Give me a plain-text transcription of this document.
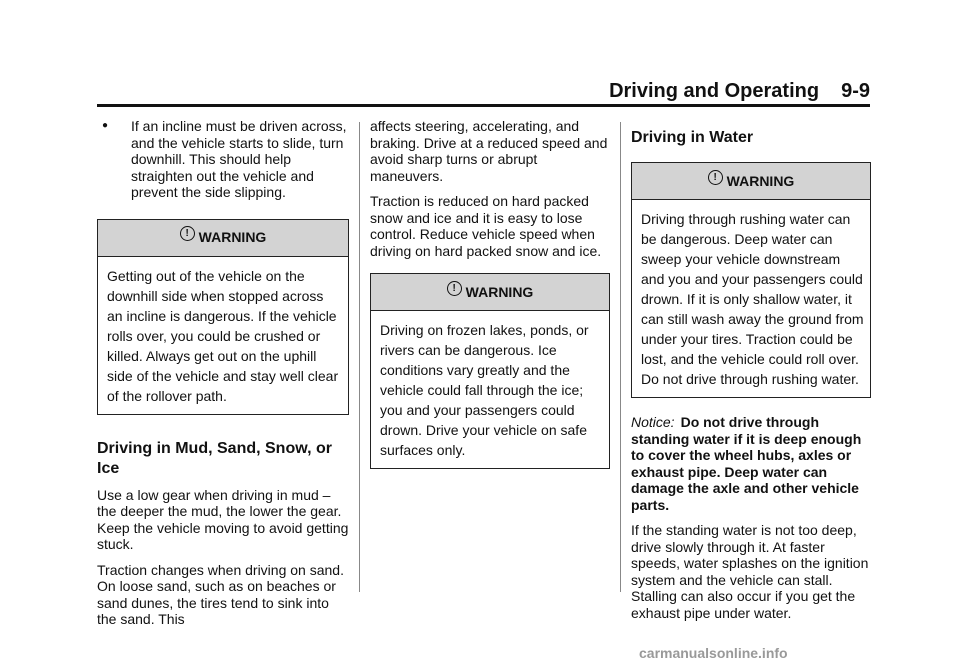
Driving and Operating 9-9
● If an incline must be driven across, and the vehicle starts to slide, turn downhill. This should help straighten out the vehicle and prevent the side slipping.
! WARNING
Getting out of the vehicle on the downhill side when stopped across an incline is dangerous. If the vehicle rolls over, you could be crushed or killed. Always get out on the uphill side of the vehicle and stay well clear of the rollover path.
Driving in Mud, Sand, Snow, or Ice

Use a low gear when driving in mud – the deeper the mud, the lower the gear. Keep the vehicle moving to avoid getting stuck.

Traction changes when driving on sand. On loose sand, such as on beaches or sand dunes, the tires tend to sink into the sand. This

affects steering, accelerating, and braking. Drive at a reduced speed and avoid sharp turns or abrupt maneuvers.

Traction is reduced on hard packed snow and ice and it is easy to lose control. Reduce vehicle speed when driving on hard packed snow and ice.

! WARNING
Driving on frozen lakes, ponds, or rivers can be dangerous. Ice conditions vary greatly and the vehicle could fall through the ice; you and your passengers could drown. Drive your vehicle on safe surfaces only.
Driving in Water
! WARNING
Driving through rushing water can be dangerous. Deep water can sweep your vehicle downstream and you and your passengers could drown. If it is only shallow water, it can still wash away the ground from under your tires. Traction could be lost, and the vehicle could roll over. Do not drive through rushing water.

Notice: Do not drive through standing water if it is deep enough to cover the wheel hubs, axles or exhaust pipe. Deep water can damage the axle and other vehicle parts.

If the standing water is not too deep, drive slowly through it. At faster speeds, water splashes on the ignition system and the vehicle can stall. Stalling can also occur if you get the exhaust pipe under water.

carmanualsonline.info
